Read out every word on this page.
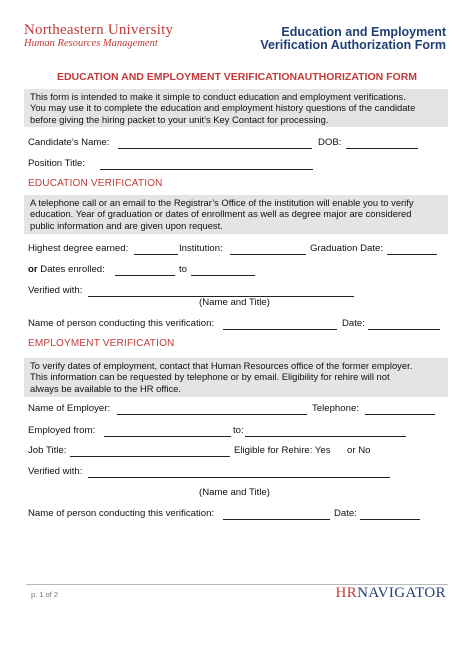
Northeastern University
Human Resources Management
Education and Employment
Verification Authorization Form
EDUCATION AND EMPLOYMENT VERIFICATIONAUTHORIZATION FORM
This form is intended to make it simple to conduct education and employment verifications.
You may use it to complete the education and employment history questions of the candidate
before giving the hiring packet to your unit’s Key Contact for processing.
Candidate’s Name:	DOB:
Position Title:
EDUCATION VERIFICATION
A telephone call or an email to the Registrar’s Office of the institution will enable you to verify
education. Year of graduation or dates of enrollment as well as degree major are considered
public information and are given upon request.
Highest degree earned:	Institution:	Graduation Date:
or Dates enrolled:	to
Verified with:
(Name and Title)
Name of person conducting this verification:	Date:
EMPLOYMENT VERIFICATION
To verify dates of employment, contact that Human Resources office of the former employer.
This information can be requested by telephone or by email. Eligibility for rehire will not
always be available to the HR office.
Name of Employer:	Telephone:
Employed from:	to:
Job Title:	Eligible for Rehire: Yes or No
Verified with:
(Name and Title)
Name of person conducting this verification:	Date:
p. 1 of 2	HRNAVIGATOR
